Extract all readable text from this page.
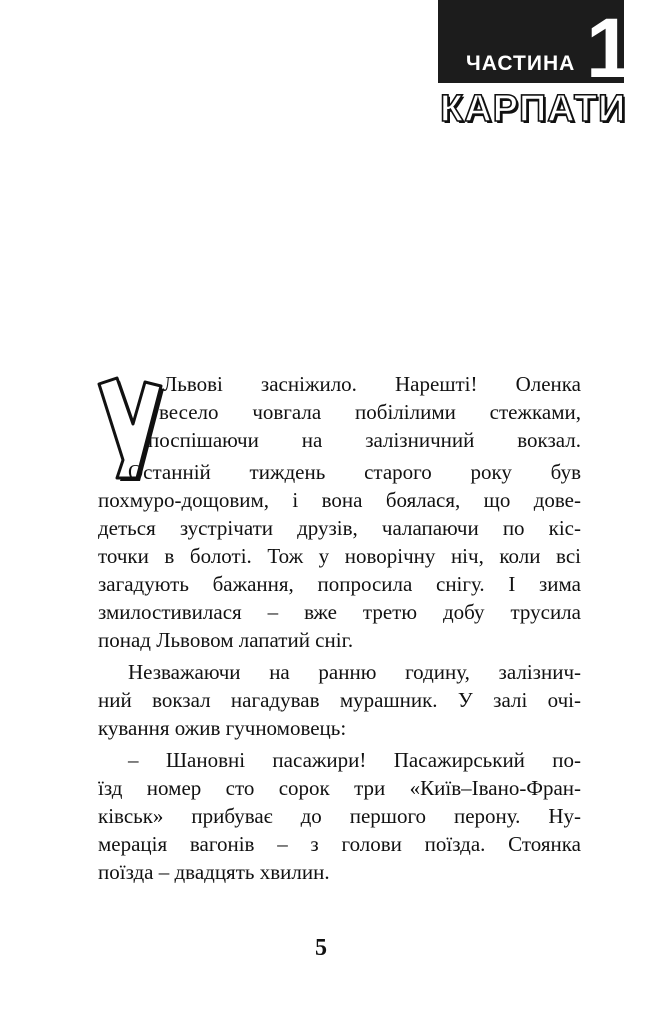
ЧАСТИНА 1
КАРПАТИ

Львові засніжило. Нарешті! Оленка

весело човгала побілілими стежками,

поспішаючи на залізничний вокзал.

Останній тиждень старого року був

похмуро-дощовим, і вона боялася, що дове-

деться зустрічати друзів, чалапаючи по кіс-

точки в болоті. Тож у новорічну ніч, коли всі

загадують бажання, попросила снігу. І зима

змилостивилася – вже третю добу трусила

понад Львовом лапатий сніг.

Незважаючи на ранню годину, залізнич-

ний вокзал нагадував мурашник. У залі очі-

кування ожив гучномовець:

– Шановні пасажири! Пасажирський по-

їзд номер сто сорок три «Київ–Івано-Фран-

ківськ» прибуває до першого перону. Ну-

мерація вагонів – з голови поїзда. Стоянка

поїзда – двадцять хвилин.

5
